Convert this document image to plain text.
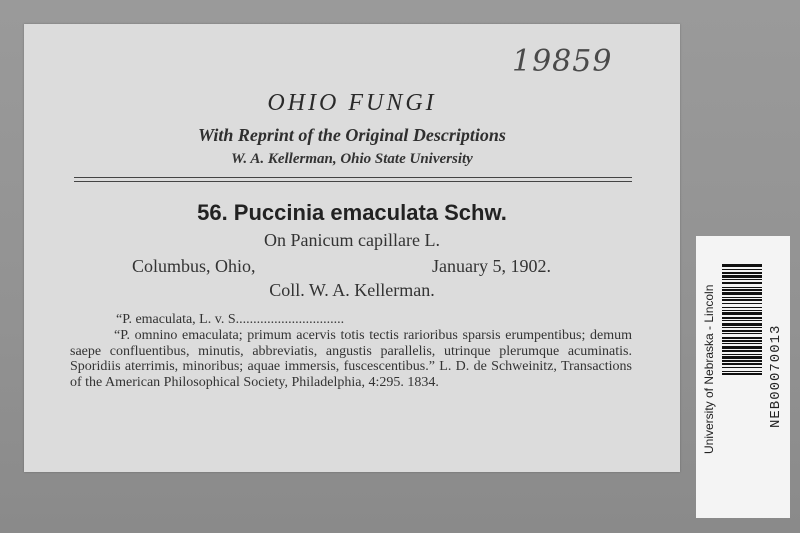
19859
OHIO FUNGI
With Reprint of the Original Descriptions
W. A. Kellerman, Ohio State University
56. Puccinia emaculata Schw.
On Panicum capillare L.
Columbus, Ohio,	January 5, 1902.
Coll. W. A. Kellerman.
“P. emaculata, L. v. S...............................
“P. omnino emaculata; primum acervis totis tectis rarioribus sparsis erumpentibus; demum saepe confluentibus, minutis, abbreviatis, angustis parallelis, utrinque plerumque acuminatis. Sporidiis aterrimis, minoribus; aquae immersis, fuscescentibus.” L. D. de Schweinitz, Transactions of the American Philosophical Society, Philadelphia, 4:295. 1834.	University of Nebraska - Lincoln	NEB00070013
